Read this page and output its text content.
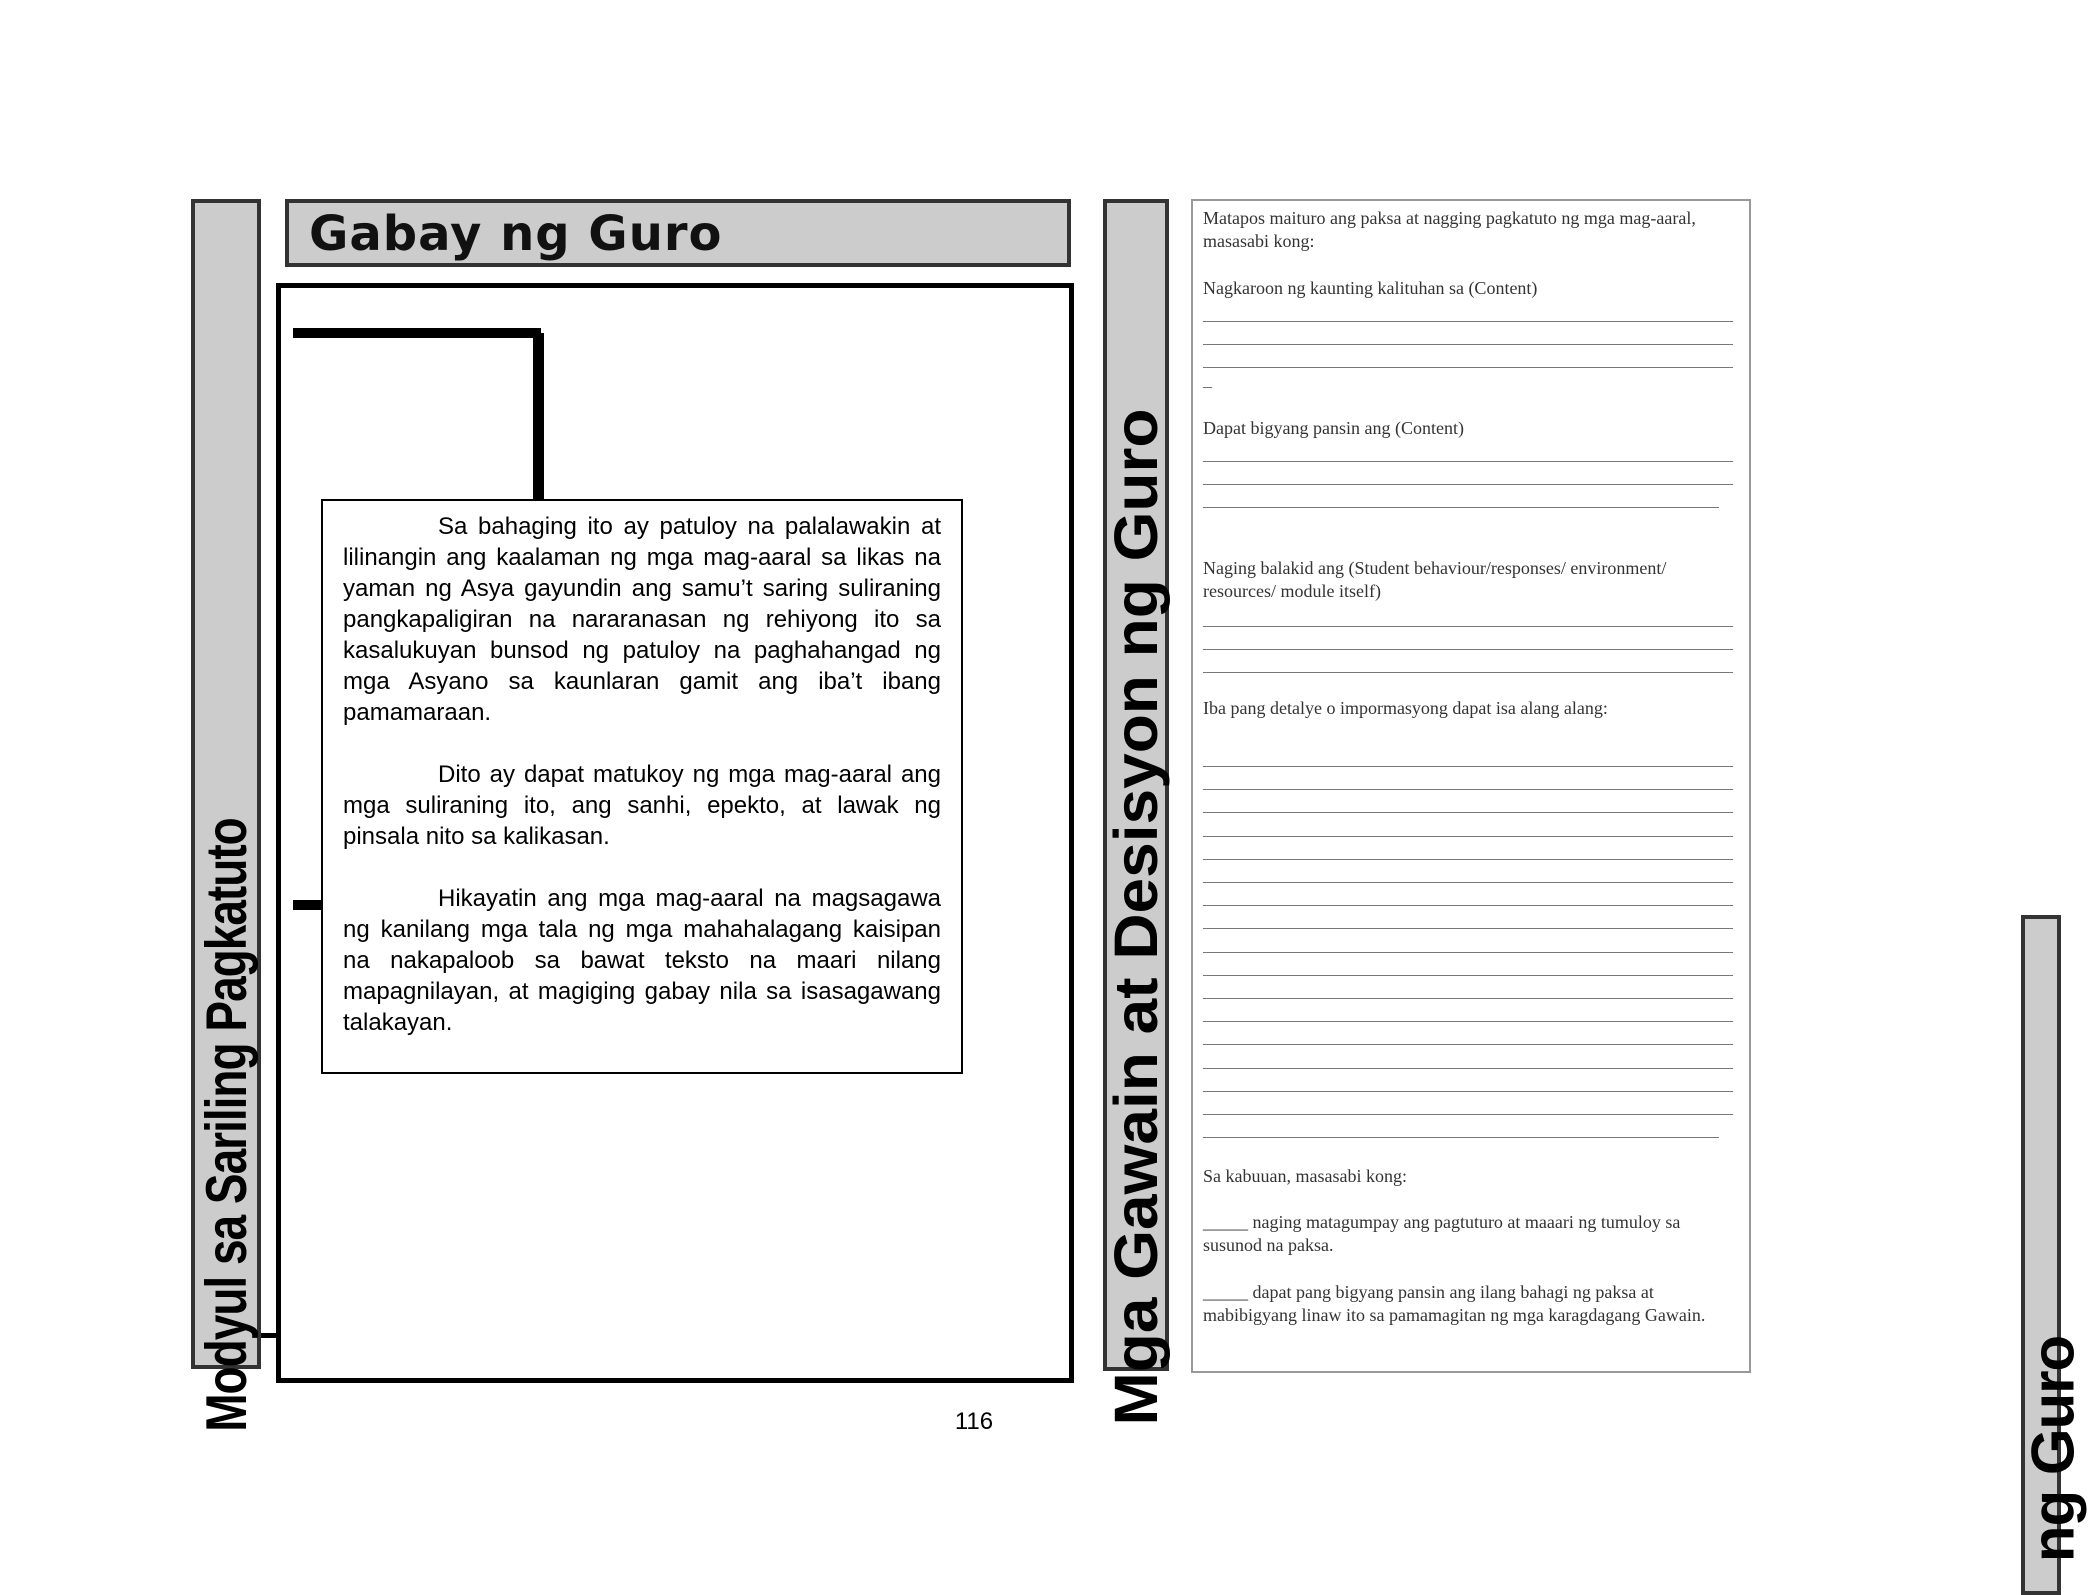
Modyul sa Sariling Pagkatuto
Gabay ng Guro

Sa bahaging ito ay patuloy na palalawakin at lilinangin ang kaalaman ng mga mag-aaral sa likas na yaman ng Asya gayundin ang samu’t saring suliraning pangkapaligiran na nararanasan ng rehiyong ito sa kasalukuyan bunsod ng patuloy na paghahangad ng mga Asyano sa kaunlaran gamit ang iba’t ibang pamamaraan.

Dito ay dapat matukoy ng mga mag-aaral ang mga suliraning ito, ang sanhi, epekto, at lawak ng pinsala nito sa kalikasan.

Hikayatin ang mga mag-aaral na magsagawa ng kanilang mga tala ng mga mahahalagang kaisipan na nakapaloob sa bawat teksto na maari nilang mapagnilayan, at magiging gabay nila sa isasagawang talakayan.	Mga Gawain at Desisyon ng Guro
Matapos maituro ang paksa at nagging pagkatuto ng mga mag-aaral, masasabi kong:
Nagkaroon ng kaunting kalituhan sa (Content)
–
Dapat bigyang pansin ang (Content)
Naging balakid ang (Student behaviour/responses/ environment/ resources/ module itself)
Iba pang detalye o impormasyong dapat isa alang alang:
Sa kabuuan, masasabi kong:
_____ naging matagumpay ang pagtuturo at maaari ng tumuloy sa susunod na paksa.
_____ dapat pang bigyang pansin ang ilang bahagi ng paksa at mabibigyang linaw ito sa pamamagitan ng mga karagdagang Gawain.
116	ng Guro
